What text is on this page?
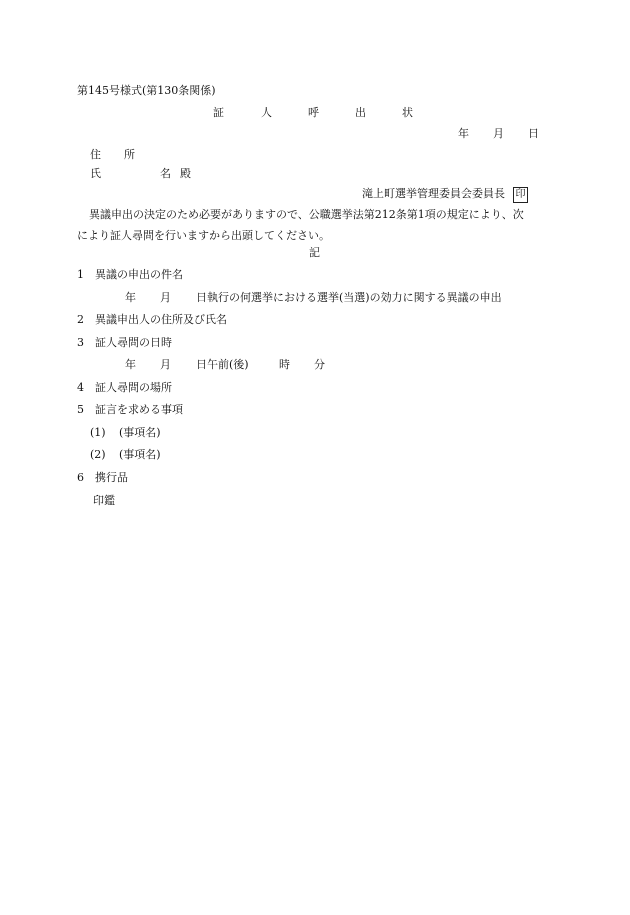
第145号様式(第130条関係)
証	人	呼	出	状
年 月 日
住 所
氏	名 殿
滝上町選挙管理委員会委員長 印
異議申出の決定のため必要がありますので、公職選挙法第212条第1項の規定により、次
により証人尋問を行いますから出頭してください。
記
1 異議の申出の件名
年 月 日執行の何選挙における選挙(当選)の効力に関する異議の申出
2 異議申出人の住所及び氏名
3 証人尋問の日時
年 月 日午前(後)	時 分
4 証人尋問の場所
5 証言を求める事項
(1) (事項名)
(2) (事項名)
6 携行品
印鑑
